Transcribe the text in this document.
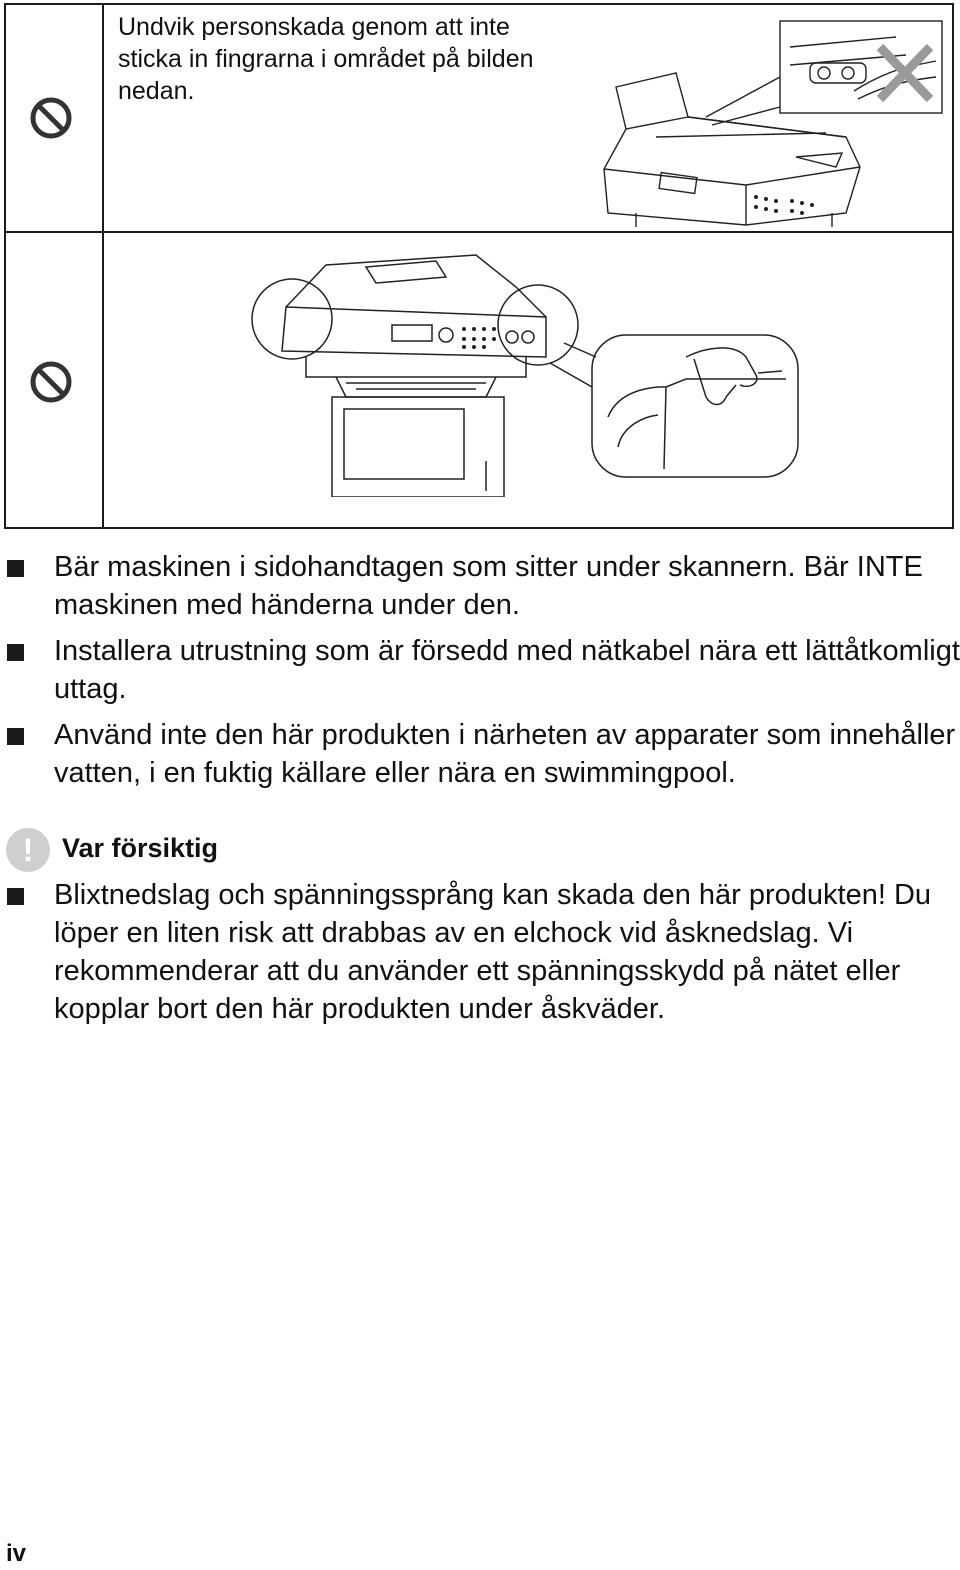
Undvik personskada genom att inte sticka in fingrarna i området på bilden nedan.
Bär maskinen i sidohandtagen som sitter under skannern. Bär INTE maskinen med händerna under den.
Installera utrustning som är försedd med nätkabel nära ett lättåtkomligt uttag.
Använd inte den här produkten i närheten av apparater som innehåller vatten, i en fuktig källare eller nära en swimmingpool.
!	Var försiktig
Blixtnedslag och spänningssprång kan skada den här produkten! Du löper en liten risk att drabbas av en elchock vid åsknedslag. Vi rekommenderar att du använder ett spänningsskydd på nätet eller kopplar bort den här produkten under åskväder.
iv
